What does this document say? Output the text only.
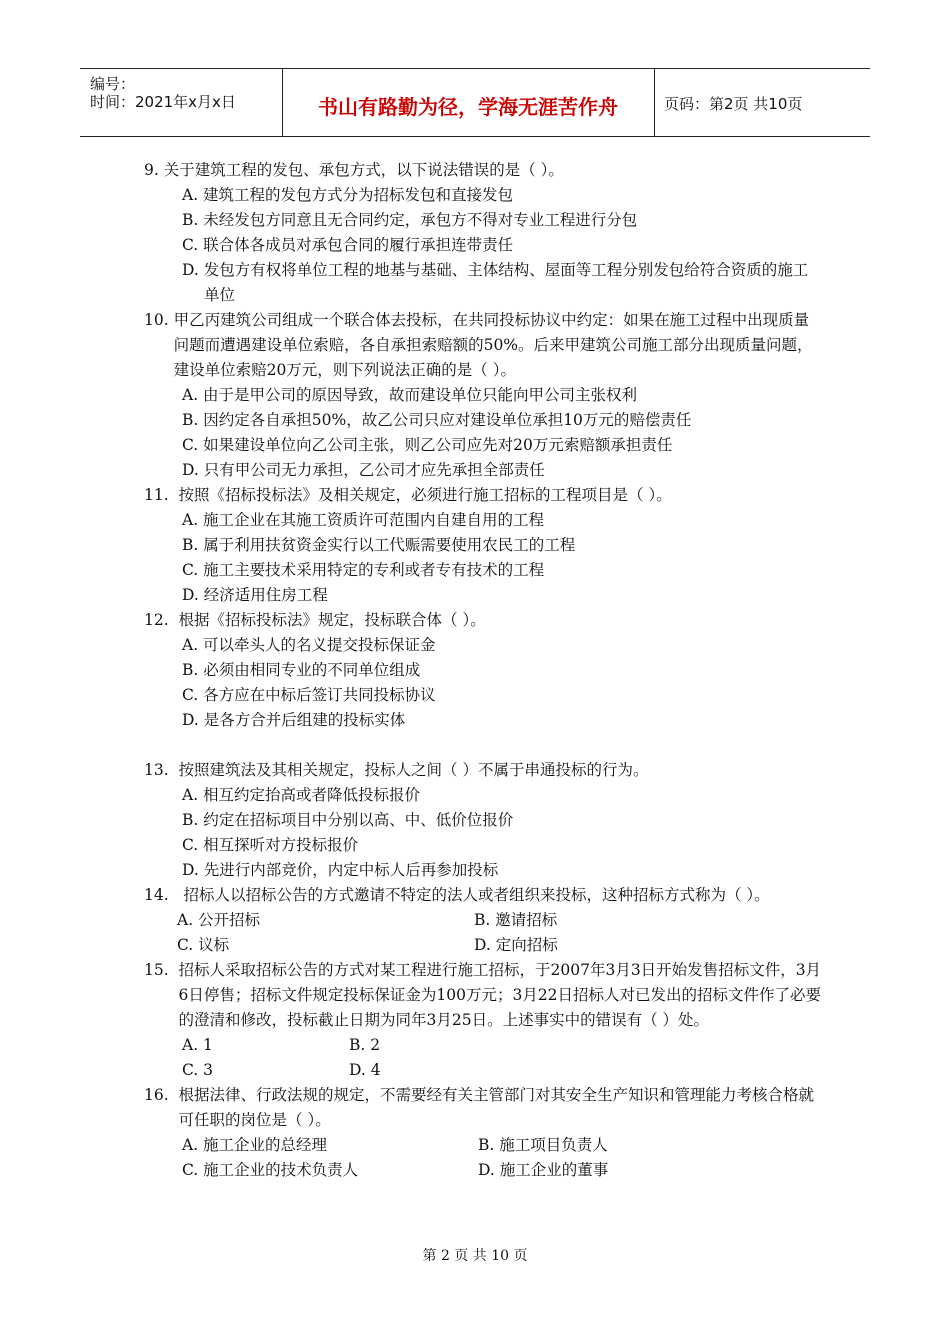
编号：
时间：2021年x月x日	书山有路勤为径，学海无涯苦作舟	页码：第2页 共10页
9. 关于建筑工程的发包、承包方式，以下说法错误的是（ ）。
A. 建筑工程的发包方式分为招标发包和直接发包
B. 未经发包方同意且无合同约定，承包方不得对专业工程进行分包
C. 联合体各成员对承包合同的履行承担连带责任
D. 发包方有权将单位工程的地基与基础、主体结构、屋面等工程分别发包给符合资质的施工单位
10. 甲乙丙建筑公司组成一个联合体去投标，在共同投标协议中约定：如果在施工过程中出现质量问题而遭遇建设单位索赔，各自承担索赔额的50%。后来甲建筑公司施工部分出现质量问题，建设单位索赔20万元，则下列说法正确的是（ ）。
A. 由于是甲公司的原因导致，故而建设单位只能向甲公司主张权利
B. 因约定各自承担50%，故乙公司只应对建设单位承担10万元的赔偿责任
C. 如果建设单位向乙公司主张，则乙公司应先对20万元索赔额承担责任
D. 只有甲公司无力承担，乙公司才应先承担全部责任
11. 按照《招标投标法》及相关规定，必须进行施工招标的工程项目是（ ）。
A. 施工企业在其施工资质许可范围内自建自用的工程
B. 属于利用扶贫资金实行以工代赈需要使用农民工的工程
C. 施工主要技术采用特定的专利或者专有技术的工程
D. 经济适用住房工程
12. 根据《招标投标法》规定，投标联合体（ ）。
A. 可以牵头人的名义提交投标保证金
B. 必须由相同专业的不同单位组成
C. 各方应在中标后签订共同投标协议
D. 是各方合并后组建的投标实体
13. 按照建筑法及其相关规定，投标人之间（ ）不属于串通投标的行为。
A. 相互约定抬高或者降低投标报价
B. 约定在招标项目中分别以高、中、低价位报价
C. 相互探听对方投标报价
D. 先进行内部竞价，内定中标人后再参加投标
14. 招标人以招标公告的方式邀请不特定的法人或者组织来投标，这种招标方式称为（ ）。
A. 公开招标	B. 邀请招标
C. 议标	D. 定向招标
15. 招标人采取招标公告的方式对某工程进行施工招标，于2007年3月3日开始发售招标文件，3月6日停售；招标文件规定投标保证金为100万元；3月22日招标人对已发出的招标文件作了必要的澄清和修改，投标截止日期为同年3月25日。上述事实中的错误有（ ）处。
A. 1	B. 2
C. 3	D. 4
16. 根据法律、行政法规的规定，不需要经有关主管部门对其安全生产知识和管理能力考核合格就可任职的岗位是（ ）。
A. 施工企业的总经理	B. 施工项目负责人
C. 施工企业的技术负责人	D. 施工企业的董事
第 2 页 共 10 页
